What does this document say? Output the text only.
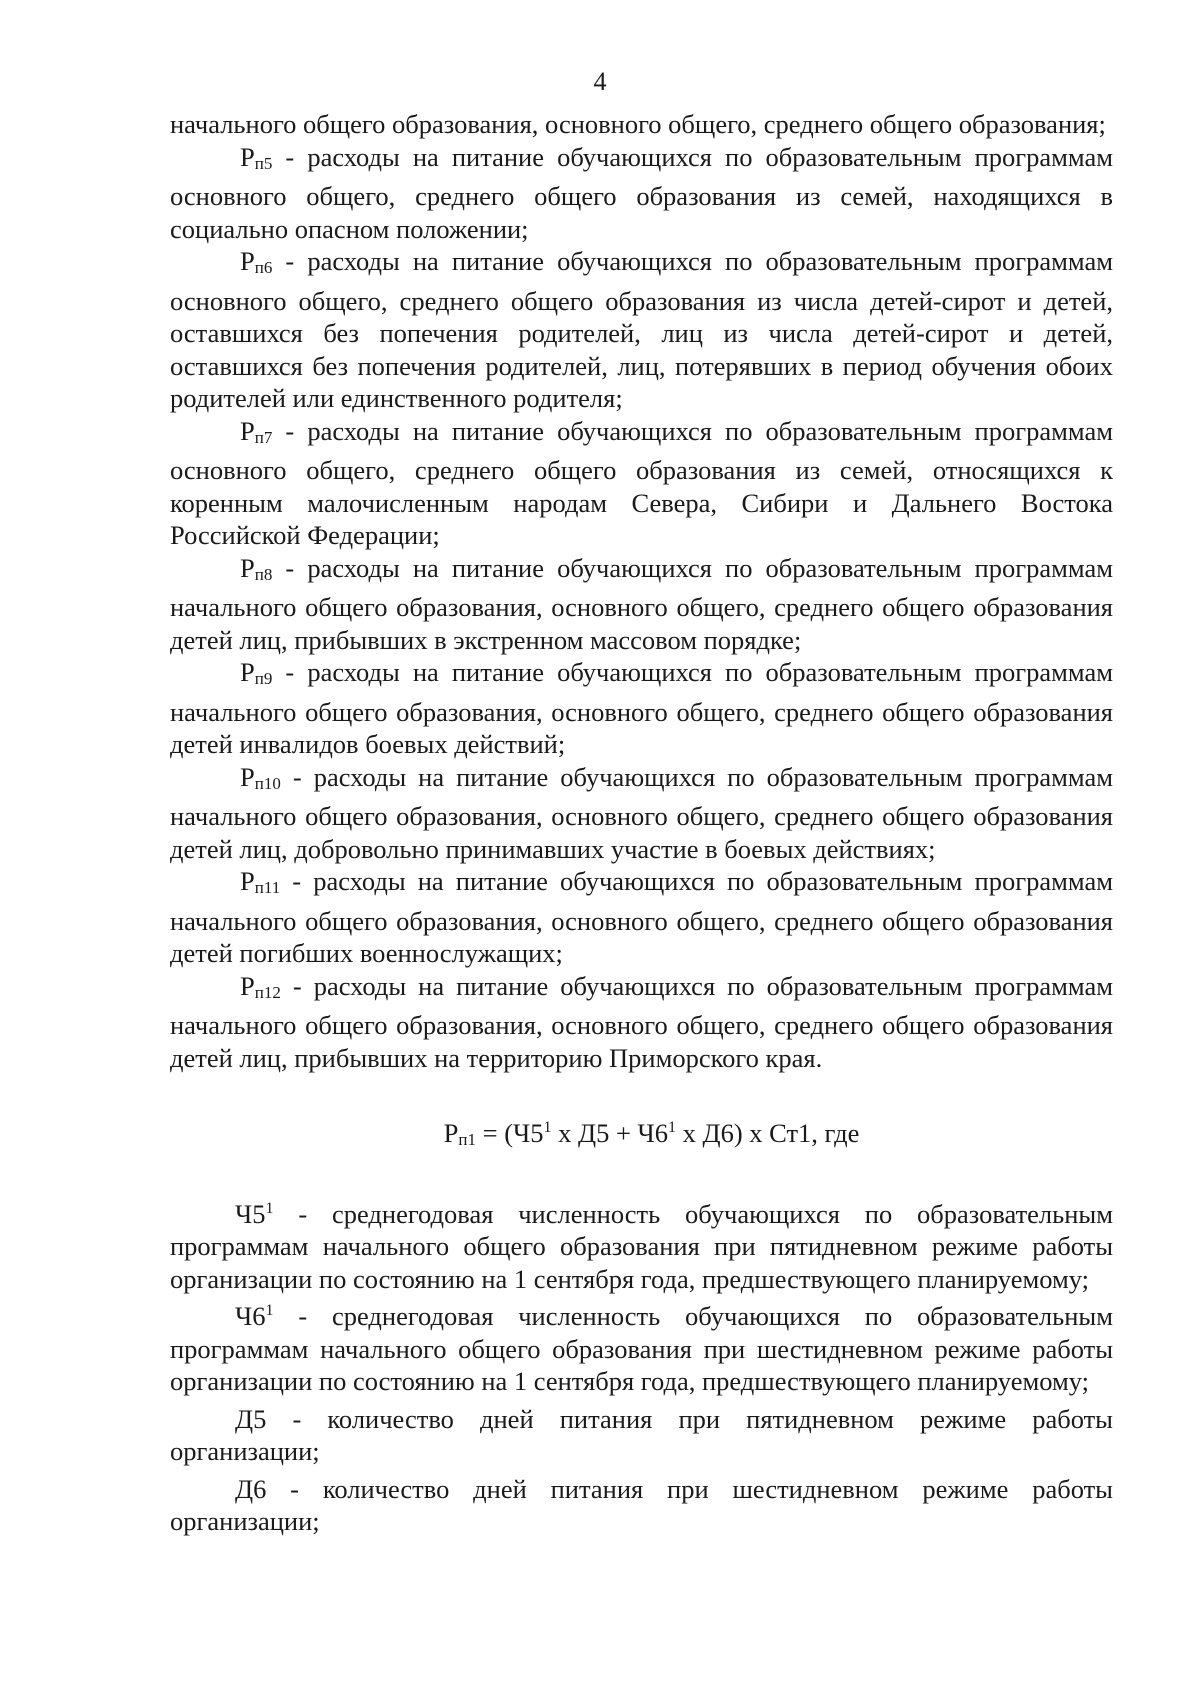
4

начального общего образования, основного общего, среднего общего образования;

Рп5 - расходы на питание обучающихся по образовательным программам основного общего, среднего общего образования из семей, находящихся в социально опасном положении;

Рп6 - расходы на питание обучающихся по образовательным программам основного общего, среднего общего образования из числа детей-сирот и детей, оставшихся без попечения родителей, лиц из числа детей-сирот и детей, оставшихся без попечения родителей, лиц, потерявших в период обучения обоих родителей или единственного родителя;

Рп7 - расходы на питание обучающихся по образовательным программам основного общего, среднего общего образования из семей, относящихся к коренным малочисленным народам Севера, Сибири и Дальнего Востока Российской Федерации;

Рп8 - расходы на питание обучающихся по образовательным программам начального общего образования, основного общего, среднего общего образования детей лиц, прибывших в экстренном массовом порядке;

Рп9 - расходы на питание обучающихся по образовательным программам начального общего образования, основного общего, среднего общего образования детей инвалидов боевых действий;

Рп10 - расходы на питание обучающихся по образовательным программам начального общего образования, основного общего, среднего общего образования детей лиц, добровольно принимавших участие в боевых действиях;

Рп11 - расходы на питание обучающихся по образовательным программам начального общего образования, основного общего, среднего общего образования детей погибших военнослужащих;

Рп12 - расходы на питание обучающихся по образовательным программам начального общего образования, основного общего, среднего общего образования детей лиц, прибывших на территорию Приморского края.

$Рп1 = (Ч5^1$ х $Д5 + Ч6^1$ х Д6) х Ст1, где

$Ч5^1$ - среднегодовая численность обучающихся по образовательным программам начального общего образования при пятидневном режиме работы организации по состоянию на 1 сентября года, предшествующего планируемому;

$Ч6^1$ - среднегодовая численность обучающихся по образовательным программам начального общего образования при шестидневном режиме работы организации по состоянию на 1 сентября года, предшествующего планируемому;

Д5 - количество дней питания при пятидневном режиме работы организации;

Д6 - количество дней питания при шестидневном режиме работы организации;
